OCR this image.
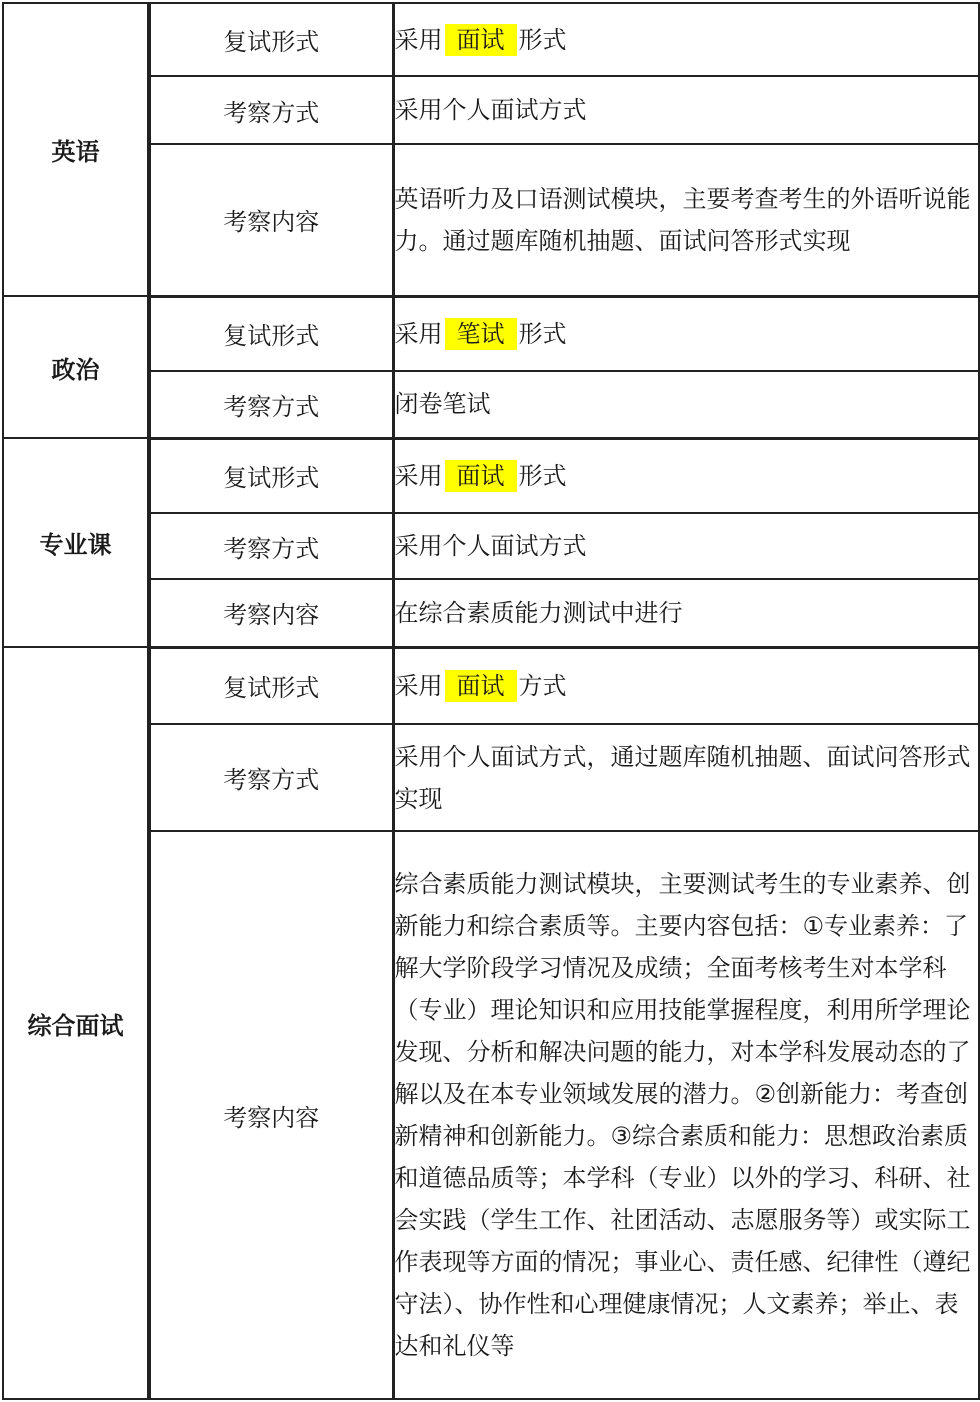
英语	复试形式	采用 面试 形式
	考察方式	采用个人面试方式
	考察内容	英语听力及口语测试模块，主要考查考生的外语听说能力。通过题库随机抽题、面试问答形式实现
政治	复试形式	采用 笔试 形式
	考察方式	闭卷笔试
专业课	复试形式	采用 面试 形式
	考察方式	采用个人面试方式
	考察内容	在综合素质能力测试中进行
综合面试	复试形式	采用 面试 方式
	考察方式	采用个人面试方式，通过题库随机抽题、面试问答形式实现
	考察内容	综合素质能力测试模块，主要测试考生的专业素养、创新能力和综合素质等。主要内容包括：①专业素养：了解大学阶段学习情况及成绩；全面考核考生对本学科（专业）理论知识和应用技能掌握程度，利用所学理论发现、分析和解决问题的能力，对本学科发展动态的了解以及在本专业领域发展的潜力。②创新能力：考查创新精神和创新能力。③综合素质和能力：思想政治素质和道德品质等；本学科（专业）以外的学习、科研、社会实践（学生工作、社团活动、志愿服务等）或实际工作表现等方面的情况；事业心、责任感、纪律性（遵纪守法）、协作性和心理健康情况；人文素养；举止、表达和礼仪等
